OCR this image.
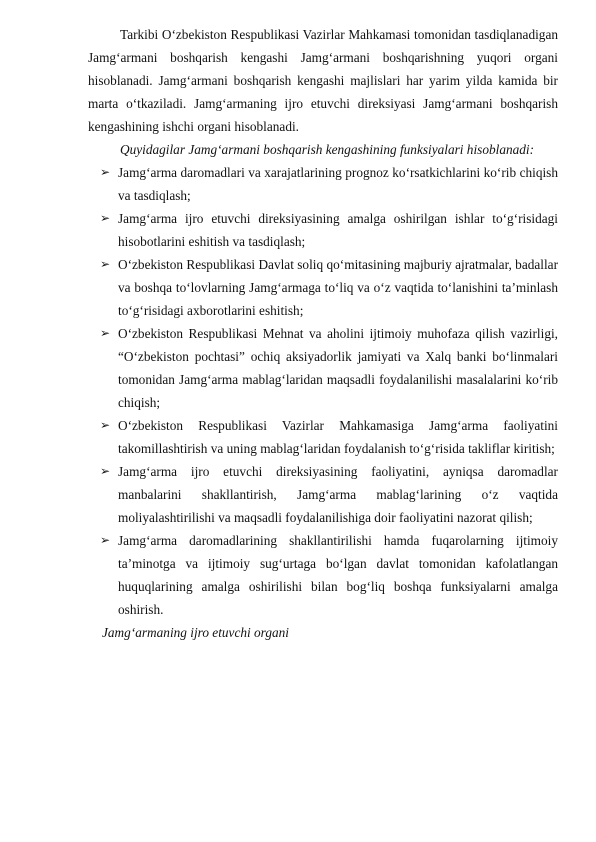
Tarkibi O‘zbekiston Respublikasi Vazirlar Mahkamasi tomonidan tasdiqlanadigan Jamg‘armani boshqarish kengashi Jamg‘armani boshqarishning yuqori organi hisoblanadi. Jamg‘armani boshqarish kengashi majlislari har yarim yilda kamida bir marta o‘tkaziladi. Jamg‘armaning ijro etuvchi direksiyasi Jamg‘armani boshqarish kengashining ishchi organi hisoblanadi.

Quyidagilar Jamg‘armani boshqarish kengashining funksiyalari hisoblanadi:

➢ Jamg‘arma daromadlari va xarajatlarining prognoz ko‘rsatkichlarini ko‘rib chiqish va tasdiqlash;
➢ Jamg‘arma ijro etuvchi direksiyasining amalga oshirilgan ishlar to‘g‘risidagi hisobotlarini eshitish va tasdiqlash;
➢ O‘zbekiston Respublikasi Davlat soliq qo‘mitasining majburiy ajratmalar, badallar va boshqa to‘lovlarning Jamg‘armaga to‘liq va o‘z vaqtida to‘lanishini ta’minlash to‘g‘risidagi axborotlarini eshitish;
➢ O‘zbekiston Respublikasi Mehnat va aholini ijtimoiy muhofaza qilish vazirligi, “O‘zbekiston pochtasi” ochiq aksiyadorlik jamiyati va Xalq banki bo‘linmalari tomonidan Jamg‘arma mablag‘laridan maqsadli foydalanilishi masalalarini ko‘rib chiqish;
➢ O‘zbekiston Respublikasi Vazirlar Mahkamasiga Jamg‘arma faoliyatini takomillashtirish va uning mablag‘laridan foydalanish to‘g‘risida takliflar kiritish;
➢ Jamg‘arma ijro etuvchi direksiyasining faoliyatini, ayniqsa daromadlar manbalarini shakllantirish, Jamg‘arma mablag‘larining o‘z vaqtida moliyalashtirilishi va maqsadli foydalanilishiga doir faoliyatini nazorat qilish;
➢ Jamg‘arma daromadlarining shakllantirilishi hamda fuqarolarning ijtimoiy ta’minotga va ijtimoiy sug‘urtaga bo‘lgan davlat tomonidan kafolatlangan huquqlarining amalga oshirilishi bilan bog‘liq boshqa funksiyalarni amalga oshirish.

Jamg‘armaning ijro etuvchi organi
